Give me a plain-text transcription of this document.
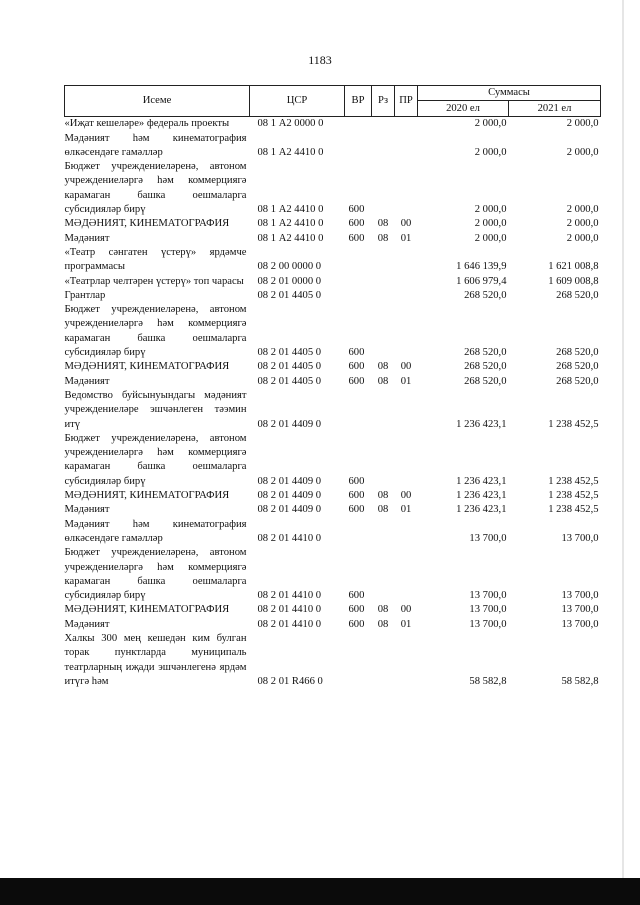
1183
Исеме	ЦСР	ВР	Рз	ПР	Суммасы	
					2020 ел	2021 ел
«Иҗат кешеләре» федераль проекты	08 1 А2 0000 0				2 000,0	2 000,0
Мәдәният һәм кинематография өлкәсендәге гамәлләр	08 1 А2 4410 0				2 000,0	2 000,0
Бюджет учреждениеләренә, автоном учреждениеләргә һәм коммерциягә карамаган башка оешмаларга субсидияләр бирү	08 1 А2 4410 0	600			2 000,0	2 000,0
МӘДӘНИЯТ, КИНЕМАТОГРАФИЯ	08 1 А2 4410 0	600	08	00	2 000,0	2 000,0
Мәдәният	08 1 А2 4410 0	600	08	01	2 000,0	2 000,0
«Театр сәнгатен үстерү» ярдәмче программасы	08 2 00 0000 0				1 646 139,9	1 621 008,8
«Театрлар челтәрен үстерү» топ чарасы	08 2 01 0000 0				1 606 979,4	1 609 008,8
Грантлар	08 2 01 4405 0				268 520,0	268 520,0
Бюджет учреждениеләренә, автоном учреждениеләргә һәм коммерциягә карамаган башка оешмаларга субсидияләр бирү	08 2 01 4405 0	600			268 520,0	268 520,0
МӘДӘНИЯТ, КИНЕМАТОГРАФИЯ	08 2 01 4405 0	600	08	00	268 520,0	268 520,0
Мәдәният	08 2 01 4405 0	600	08	01	268 520,0	268 520,0
Ведомство буйсынуындагы мәдәният учреждениеләре эшчәнлеген тәэмин итү	08 2 01 4409 0				1 236 423,1	1 238 452,5
Бюджет учреждениеләренә, автоном учреждениеләргә һәм коммерциягә карамаган башка оешмаларга субсидияләр бирү	08 2 01 4409 0	600			1 236 423,1	1 238 452,5
МӘДӘНИЯТ, КИНЕМАТОГРАФИЯ	08 2 01 4409 0	600	08	00	1 236 423,1	1 238 452,5
Мәдәният	08 2 01 4409 0	600	08	01	1 236 423,1	1 238 452,5
Мәдәният һәм кинематография өлкәсендәге гамәлләр	08 2 01 4410 0				13 700,0	13 700,0
Бюджет учреждениеләренә, автоном учреждениеләргә һәм коммерциягә карамаган башка оешмаларга субсидияләр бирү	08 2 01 4410 0	600			13 700,0	13 700,0
МӘДӘНИЯТ, КИНЕМАТОГРАФИЯ	08 2 01 4410 0	600	08	00	13 700,0	13 700,0
Мәдәният	08 2 01 4410 0	600	08	01	13 700,0	13 700,0
Халкы 300 мең кешедән ким булган торак пунктларда муниципаль театрларның иҗади эшчәнлегенә ярдәм итүгә һәм	08 2 01 R466 0				58 582,8	58 582,8
